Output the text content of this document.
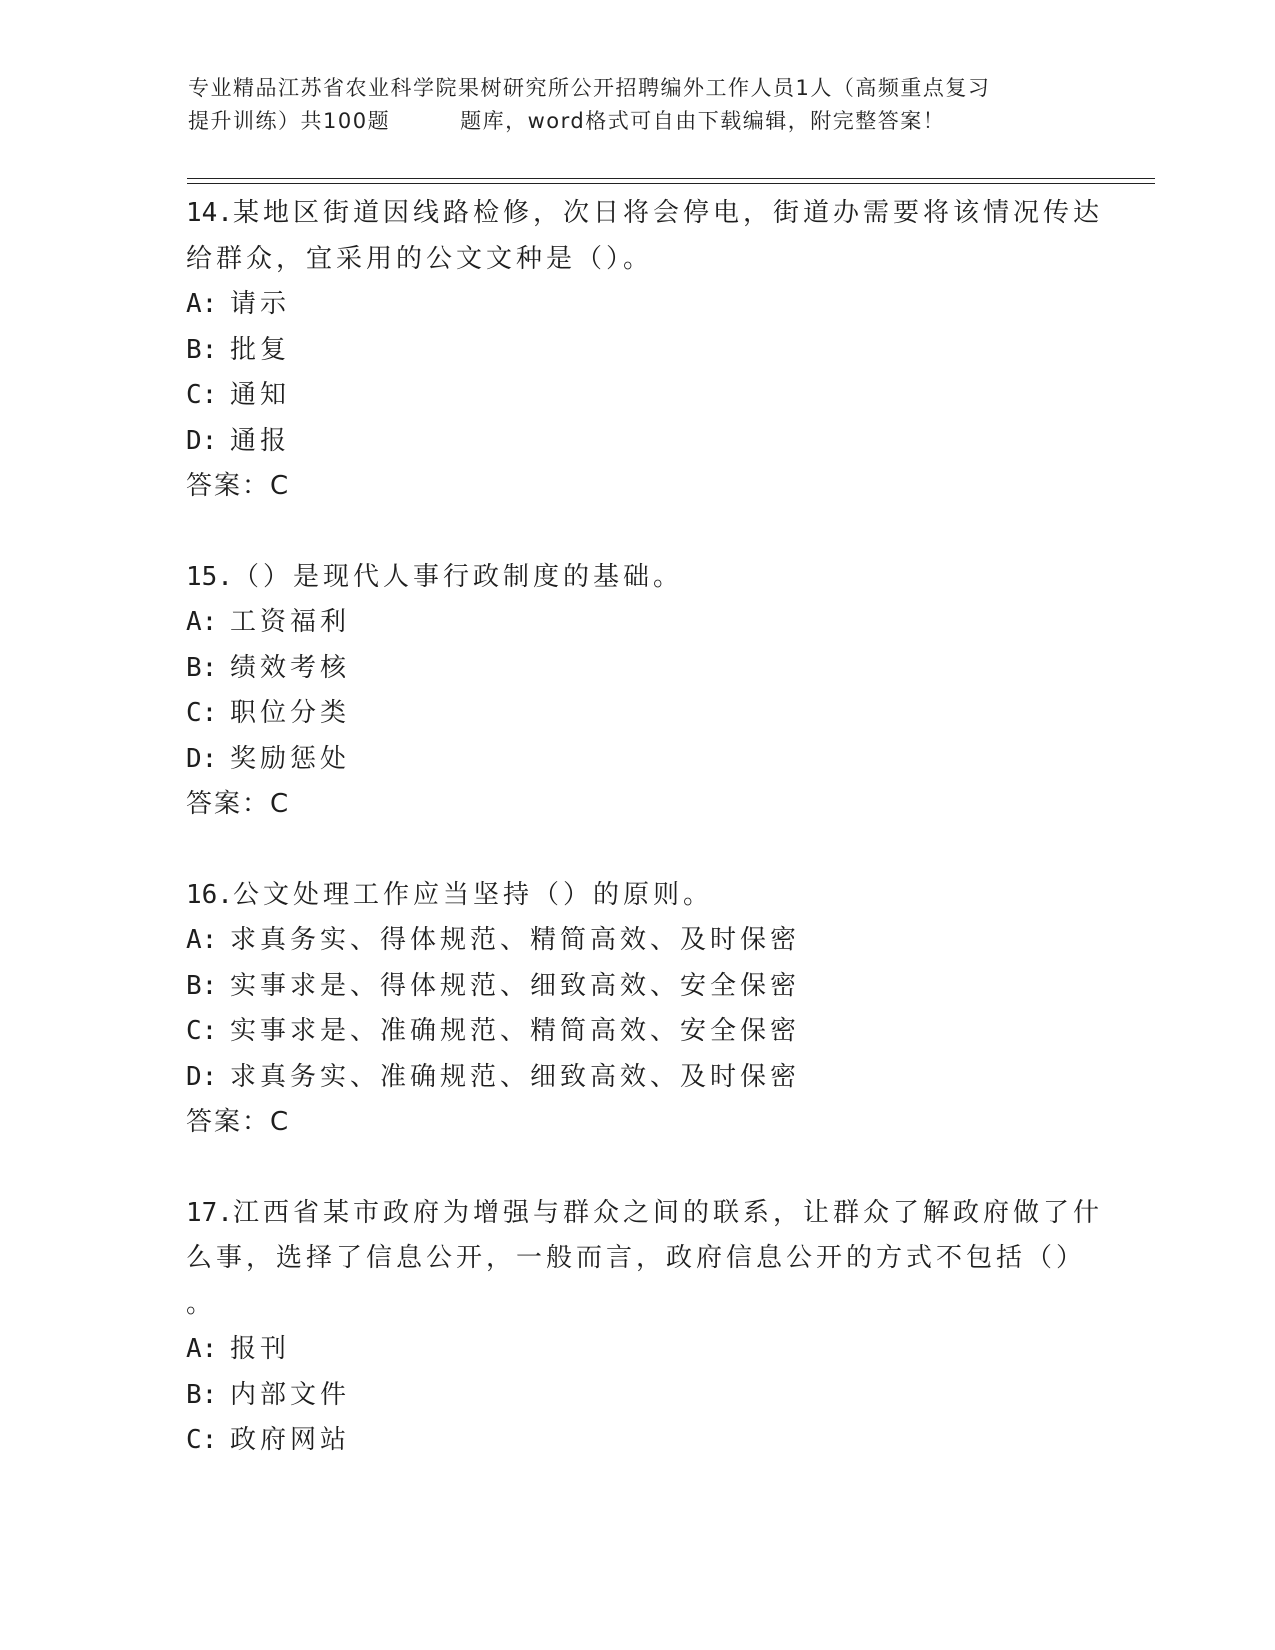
专业精品江苏省农业科学院果树研究所公开招聘编外工作人员1人（高频重点复习
提升训练）共100题	题库，word格式可自由下载编辑，附完整答案！
14.某地区街道因线路检修，次日将会停电，街道办需要将该情况传达
给群众，宜采用的公文文种是（）。
A: 请示
B: 批复
C: 通知
D: 通报
答案：C
15.（）是现代人事行政制度的基础。
A: 工资福利
B: 绩效考核
C: 职位分类
D: 奖励惩处
答案：C
16.公文处理工作应当坚持（）的原则。
A: 求真务实、得体规范、精简高效、及时保密
B: 实事求是、得体规范、细致高效、安全保密
C: 实事求是、准确规范、精简高效、安全保密
D: 求真务实、准确规范、细致高效、及时保密
答案：C
17.江西省某市政府为增强与群众之间的联系，让群众了解政府做了什
么事，选择了信息公开，一般而言，政府信息公开的方式不包括（）
。
A: 报刊
B: 内部文件
C: 政府网站
